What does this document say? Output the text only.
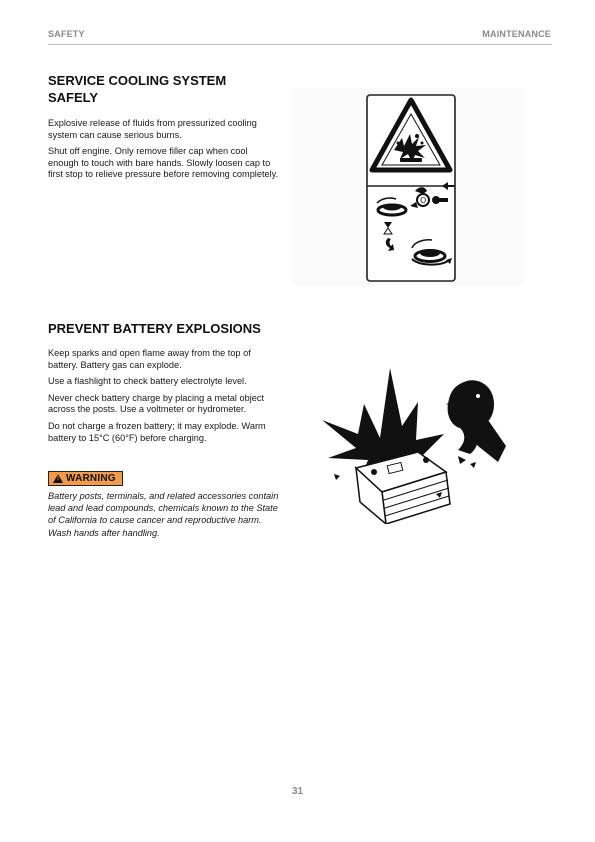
SAFETY	MAINTENANCE
SERVICE COOLING SYSTEM SAFELY

Explosive release of fluids from pressurized cooling system can cause serious burns.

Shut off engine. Only remove filler cap when cool enough to touch with bare hands. Slowly loosen cap to first stop to relieve pressure before removing completely.

O
PREVENT BATTERY EXPLOSIONS

Keep sparks and open flame away from the top of battery. Battery gas can explode.

Use a flashlight to check battery electrolyte level.

Never check battery charge by placing a metal object across the posts. Use a voltmeter or hydrometer.

Do not charge a frozen battery; it may explode. Warm battery to 15°C (60°F) before charging.

! WARNING

Battery posts, terminals, and related accessories contain lead and lead compounds, chemicals known to the State of California to cause cancer and reproductive harm. Wash hands after handling.

31
